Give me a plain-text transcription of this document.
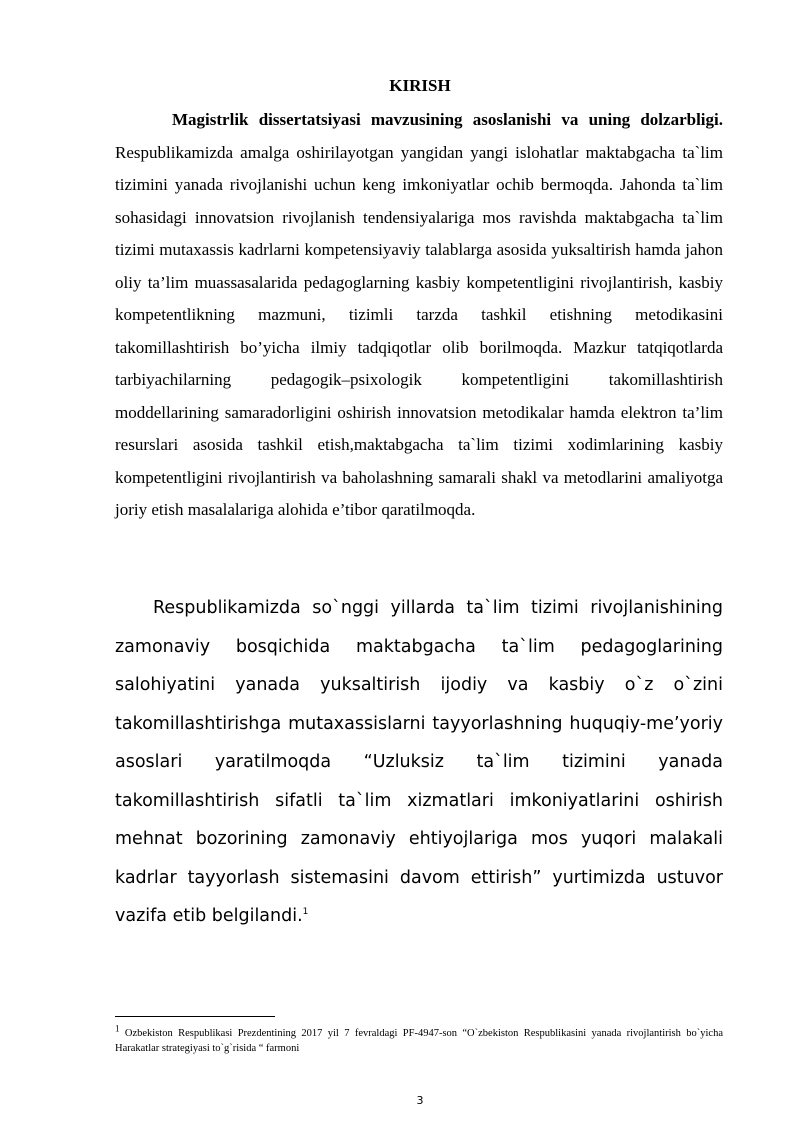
KIRISH

Magistrlik dissertatsiyasi mavzusining asoslanishi va uning dolzarbligi. Respublikamizda amalga oshirilayotgan yangidan yangi islohatlar maktabgacha ta`lim tizimini yanada rivojlanishi uchun keng imkoniyatlar ochib bermoqda. Jahonda ta`lim sohasidagi innovatsion rivojlanish tendensiyalariga mos ravishda maktabgacha ta`lim tizimi mutaxassis kadrlarni kompetensiyaviy talablarga asosida yuksaltirish hamda jahon oliy ta’lim muassasalarida pedagoglarning kasbiy kompetentligini rivojlantirish, kasbiy kompetentlikning mazmuni, tizimli tarzda tashkil etishning metodikasini takomillashtirish bo’yicha ilmiy tadqiqotlar olib borilmoqda. Mazkur tatqiqotlarda tarbiyachilarning pedagogik–psixologik kompetentligini takomillashtirish moddellarining samaradorligini oshirish innovatsion metodikalar hamda elektron ta’lim resurslari asosida tashkil etish,maktabgacha ta`lim tizimi xodimlarining kasbiy kompetentligini rivojlantirish va baholashning samarali shakl va metodlarini amaliyotga joriy etish masalalariga alohida e’tibor qaratilmoqda.

Respublikamizda so`nggi yillarda ta`lim tizimi rivojlanishining zamonaviy bosqichida maktabgacha ta`lim pedagoglarining salohiyatini yanada yuksaltirish ijodiy va kasbiy o`z o`zini takomillashtirishga mutaxassislarni tayyorlashning huquqiy-me’yoriy asoslari yaratilmoqda “Uzluksiz ta`lim tizimini yanada takomillashtirish sifatli ta`lim xizmatlari imkoniyatlarini oshirish mehnat bozorining zamonaviy ehtiyojlariga mos yuqori malakali kadrlar tayyorlash sistemasini davom ettirish” yurtimizda ustuvor vazifa etib belgilandi.$^1$

$^1$ Ozbekiston Respublikasi Prezdentining 2017 yil 7 fevraldagi PF-4947-son “O`zbekiston Respublikasini yanada rivojlantirish bo`yicha Harakatlar strategiyasi to`g`risida “ farmoni

3
